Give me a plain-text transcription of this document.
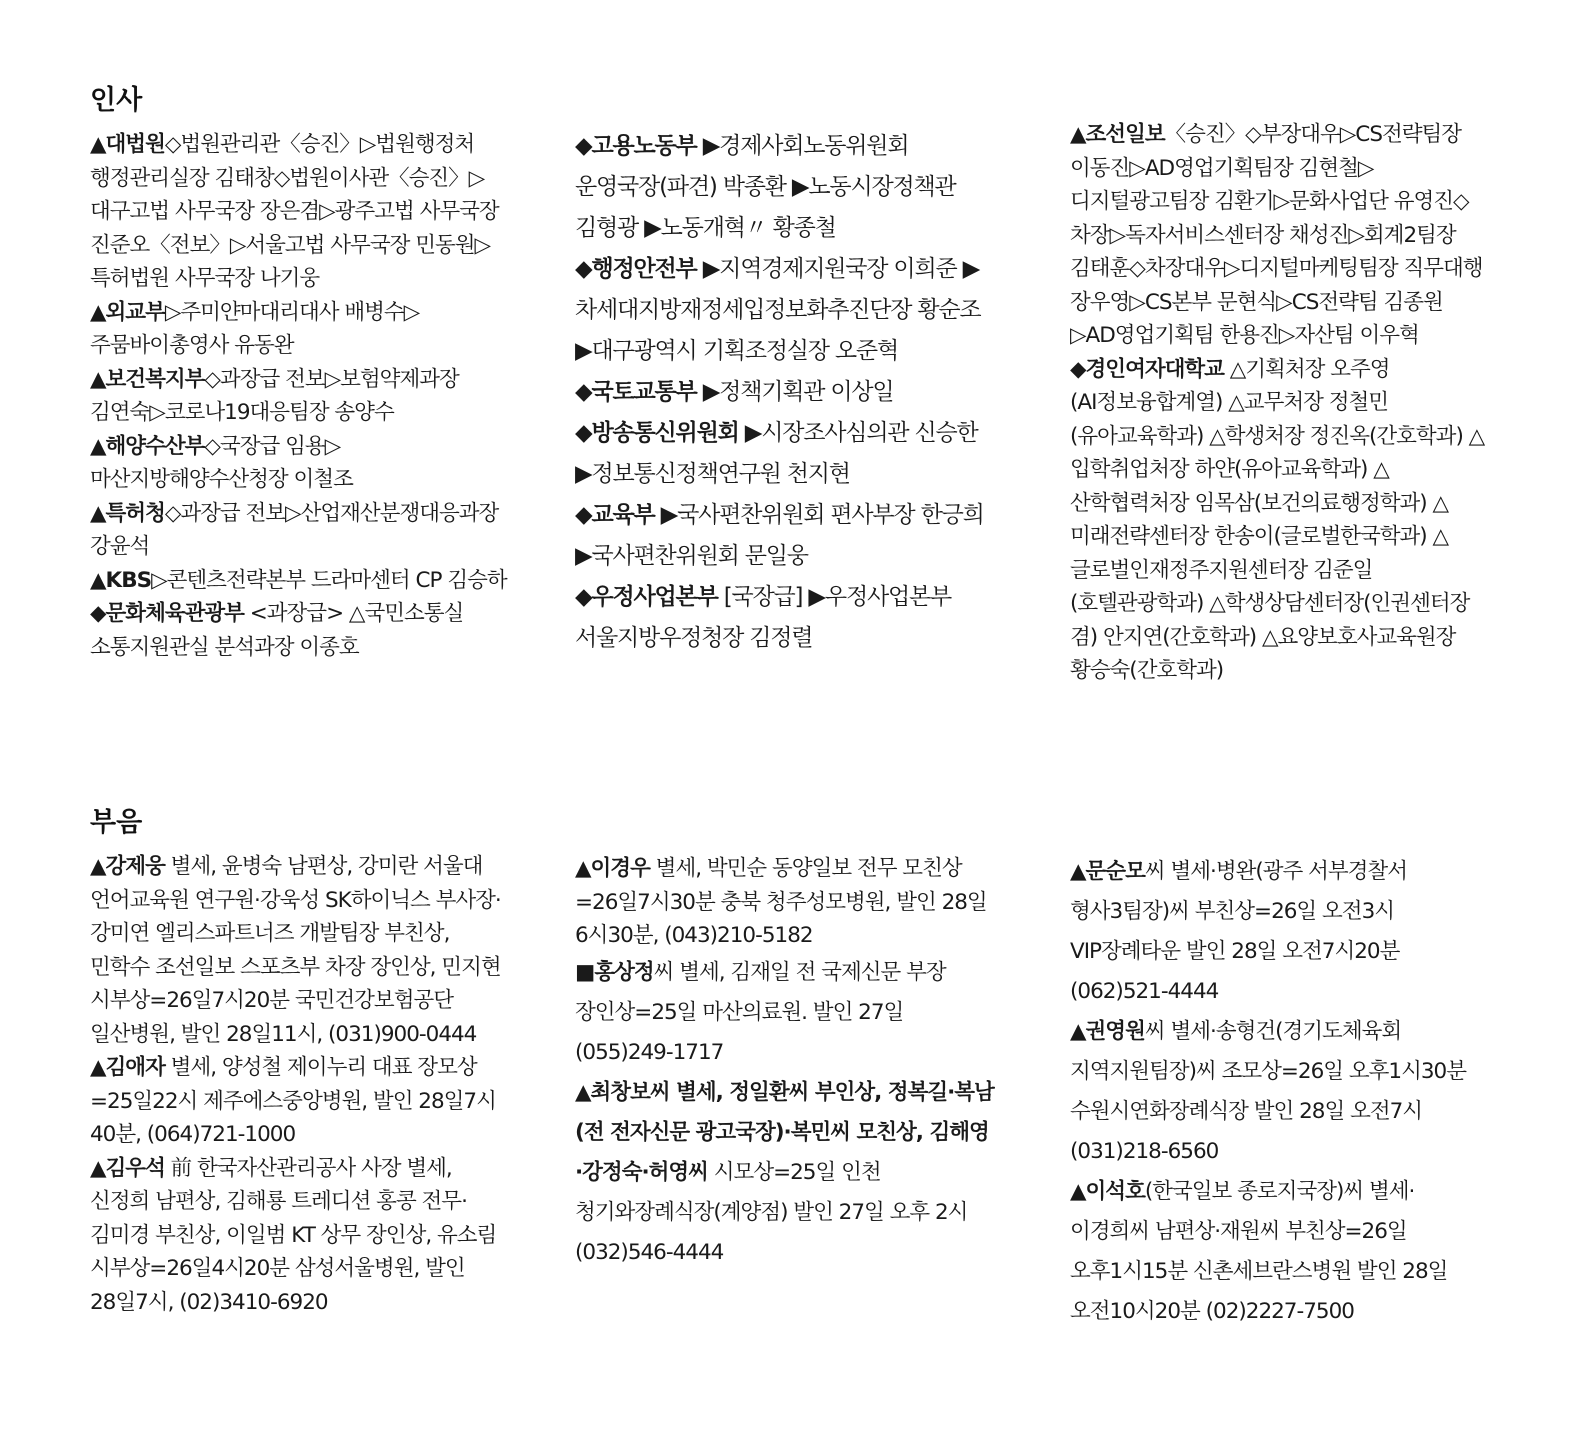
인사
▲대법원◇법원관리관〈승진〉▷법원행정처 행정관리실장 김태창◇법원이사관〈승진〉▷대구고법 사무국장 장은겸▷광주고법 사무국장 진준오〈전보〉▷서울고법 사무국장 민동원▷특허법원 사무국장 나기웅
▲외교부▷주미얀마대리대사 배병수▷주뭄바이총영사 유동완
▲보건복지부◇과장급 전보▷보험약제과장 김연숙▷코로나19대응팀장 송양수
▲해양수산부◇국장급 임용▷마산지방해양수산청장 이철조
▲특허청◇과장급 전보▷산업재산분쟁대응과장 강윤석
▲KBS▷콘텐츠전략본부 드라마센터 CP 김승하
◆문화체육관광부 <과장급> △국민소통실 소통지원관실 분석과장 이종호
◆고용노동부 ▶경제사회노동위원회 운영국장(파견) 박종환 ▶노동시장정책관 김형광 ▶노동개혁〃 황종철
◆행정안전부 ▶지역경제지원국장 이희준 ▶차세대지방재정세입정보화추진단장 황순조 ▶대구광역시 기획조정실장 오준혁
◆국토교통부 ▶정책기획관 이상일
◆방송통신위원회 ▶시장조사심의관 신승한 ▶정보통신정책연구원 천지현
◆교육부 ▶국사편찬위원회 편사부장 한긍희 ▶국사편찬위원회 문일웅
◆우정사업본부 [국장급] ▶우정사업본부 서울지방우정청장 김정렬
▲조선일보〈승진〉◇부장대우▷CS전략팀장 이동진▷AD영업기획팀장 김현철▷디지털광고팀장 김환기▷문화사업단 유영진◇차장▷독자서비스센터장 채성진▷회계2팀장 김태훈◇차장대우▷디지털마케팅팀장 직무대행 장우영▷CS본부 문현식▷CS전략팀 김종원▷AD영업기획팀 한용진▷자산팀 이우혁
◆경인여자대학교 △기획처장 오주영(AI정보융합계열) △교무처장 정철민(유아교육학과) △학생처장 정진옥(간호학과) △입학취업처장 하얀(유아교육학과) △산학협력처장 임목삼(보건의료행정학과) △미래전략센터장 한송이(글로벌한국학과) △글로벌인재정주지원센터장 김준일(호텔관광학과) △학생상담센터장(인권센터장 겸) 안지연(간호학과) △요양보호사교육원장 황승숙(간호학과)
부음
▲강제웅 별세, 윤병숙 남편상, 강미란 서울대 언어교육원 연구원·강욱성 SK하이닉스 부사장·강미연 엘리스파트너즈 개발팀장 부친상, 민학수 조선일보 스포츠부 차장 장인상, 민지현 시부상=26일7시20분 국민건강보험공단 일산병원, 발인 28일11시, (031)900-0444
▲김애자 별세, 양성철 제이누리 대표 장모상=25일22시 제주에스중앙병원, 발인 28일7시 40분, (064)721-1000
▲김우석 前 한국자산관리공사 사장 별세, 신정희 남편상, 김해룡 트레디션 홍콩 전무·김미경 부친상, 이일범 KT 상무 장인상, 유소림 시부상=26일4시20분 삼성서울병원, 발인 28일7시, (02)3410-6920
▲이경우 별세, 박민순 동양일보 전무 모친상=26일7시30분 충북 청주성모병원, 발인 28일 6시30분, (043)210-5182
■홍상정씨 별세, 김재일 전 국제신문 부장 장인상=25일 마산의료원. 발인 27일 (055)249-1717
▲최창보씨 별세, 정일환씨 부인상, 정복길·복남(전 전자신문 광고국장)·복민씨 모친상, 김해영·강정숙·허영씨 시모상=25일 인천 청기와장례식장(계양점) 발인 27일 오후 2시 (032)546-4444
▲문순모씨 별세·병완(광주 서부경찰서 형사3팀장)씨 부친상=26일 오전3시 VIP장례타운 발인 28일 오전7시20분 (062)521-4444
▲권영원씨 별세·송형건(경기도체육회 지역지원팀장)씨 조모상=26일 오후1시30분 수원시연화장례식장 발인 28일 오전7시 (031)218-6560
▲이석호(한국일보 종로지국장)씨 별세·이경희씨 남편상·재원씨 부친상=26일 오후1시15분 신촌세브란스병원 발인 28일 오전10시20분 (02)2227-7500
